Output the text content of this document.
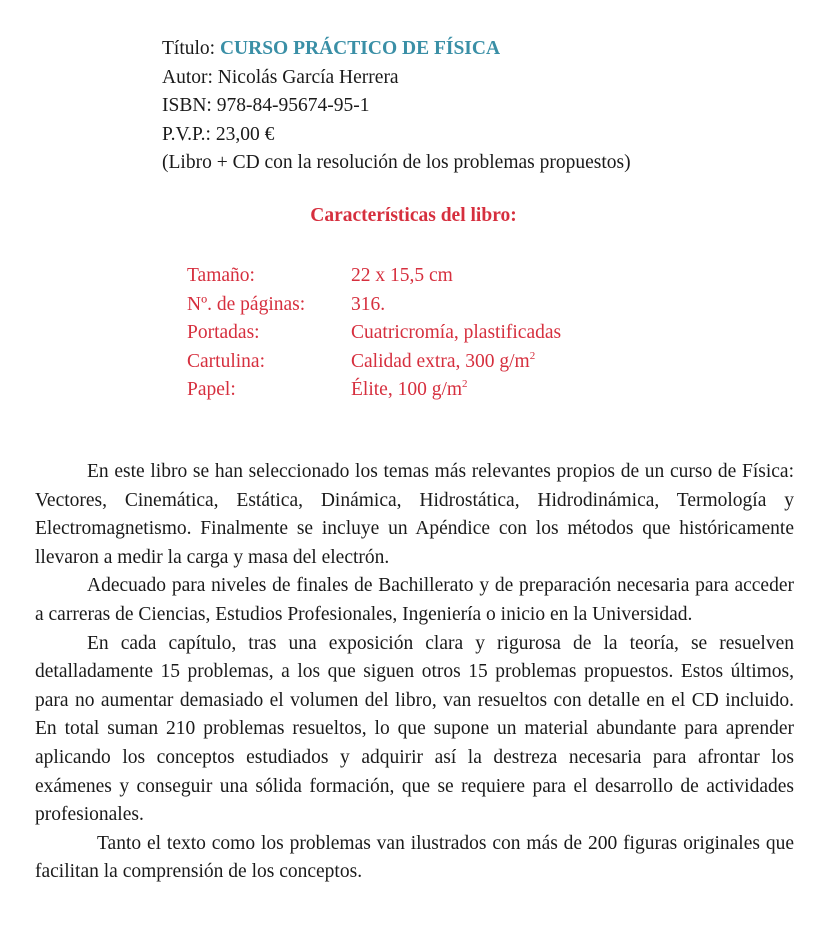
Título: CURSO PRÁCTICO DE FÍSICA
Autor: Nicolás García Herrera
ISBN: 978-84-95674-95-1
P.V.P.: 23,00 €
(Libro + CD con la resolución de los problemas propuestos)
Características del libro:
Tamaño:	22 x 15,5 cm
Nº. de páginas:	316.
Portadas:	Cuatricromía, plastificadas
Cartulina:	Calidad extra, 300 $g/m^2$
Papel:	Élite, 100 $g/m^2$

En este libro se han seleccionado los temas más relevantes propios de un curso de Física: Vectores, Cinemática, Estática, Dinámica, Hidrostática, Hidrodinámica, Termología y Electromagnetismo. Finalmente se incluye un Apéndice con los métodos que históricamente llevaron a medir la carga y masa del electrón.

Adecuado para niveles de finales de Bachillerato y de preparación necesaria para acceder a carreras de Ciencias, Estudios Profesionales, Ingeniería o inicio en la Universidad.

En cada capítulo, tras una exposición clara y rigurosa de la teoría, se resuelven detalladamente 15 problemas, a los que siguen otros 15 problemas propuestos. Estos últimos, para no aumentar demasiado el volumen del libro, van resueltos con detalle en el CD incluido. En total suman 210 problemas resueltos, lo que supone un material abundante para aprender aplicando los conceptos estudiados y adquirir así la destreza necesaria para afrontar los exámenes y conseguir una sólida formación, que se requiere para el desarrollo de actividades profesionales.

Tanto el texto como los problemas van ilustrados con más de 200 figuras originales que facilitan la comprensión de los conceptos.
